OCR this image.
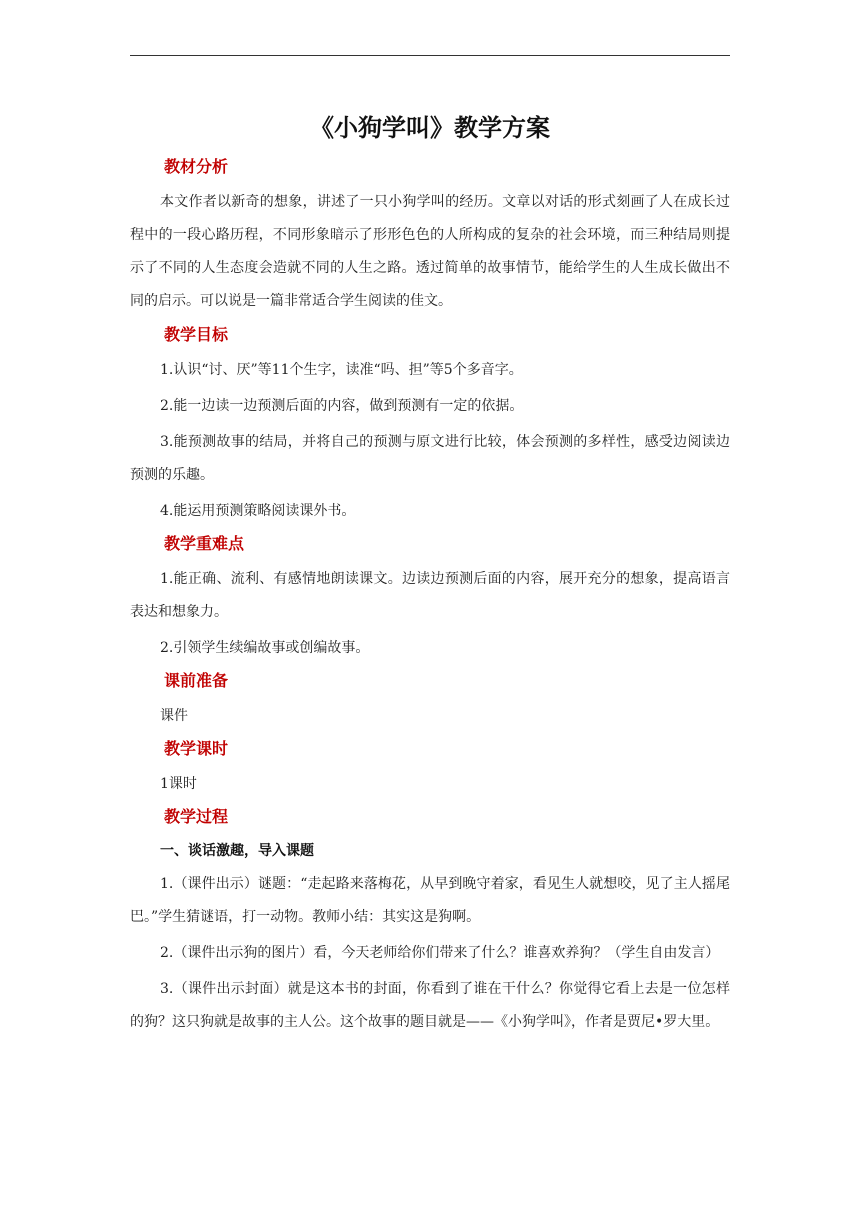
《小狗学叫》教学方案
教材分析

本文作者以新奇的想象，讲述了一只小狗学叫的经历。文章以对话的形式刻画了人在成长过程中的一段心路历程，不同形象暗示了形形色色的人所构成的复杂的社会环境，而三种结局则提示了不同的人生态度会造就不同的人生之路。透过简单的故事情节，能给学生的人生成长做出不同的启示。可以说是一篇非常适合学生阅读的佳文。

教学目标

1.认识“讨、厌”等11个生字，读准“吗、担”等5个多音字。

2.能一边读一边预测后面的内容，做到预测有一定的依据。

3.能预测故事的结局，并将自己的预测与原文进行比较，体会预测的多样性，感受边阅读边预测的乐趣。

4.能运用预测策略阅读课外书。

教学重难点

1.能正确、流利、有感情地朗读课文。边读边预测后面的内容，展开充分的想象，提高语言表达和想象力。

2.引领学生续编故事或创编故事。

课前准备

课件

教学课时

1课时

教学过程
一、谈话激趣，导入课题

1.（课件出示）谜题：“走起路来落梅花，从早到晚守着家，看见生人就想咬，见了主人摇尾巴。”学生猜谜语，打一动物。教师小结：其实这是狗啊。

2.（课件出示狗的图片）看，今天老师给你们带来了什么？谁喜欢养狗？（学生自由发言）

3.（课件出示封面）就是这本书的封面，你看到了谁在干什么？你觉得它看上去是一位怎样的狗？这只狗就是故事的主人公。这个故事的题目就是——《小狗学叫》，作者是贾尼•罗大里。
